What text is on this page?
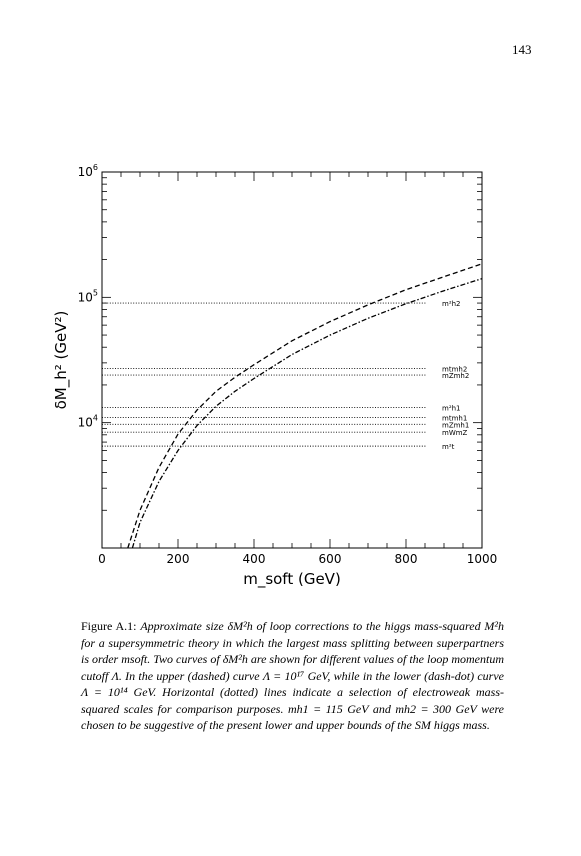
143
0	200	400	600	800	1000
$10^4$
$10^5$
$10^6$
m²h2
mtmh2
mZmh2
m²h1
mtmh1
mZmh1
mWmZ
m²t
m_soft (GeV)
δM_h² (GeV²)
Figure A.1: Approximate size δM²h of loop corrections to the higgs mass-squared M²h for a supersymmetric theory in which the largest mass splitting between superpartners is order msoft. Two curves of δM²h are shown for different values of the loop momentum cutoff Λ. In the upper (dashed) curve Λ = 10¹⁷ GeV, while in the lower (dash-dot) curve Λ = 10¹⁴ GeV. Horizontal (dotted) lines indicate a selection of electroweak mass-squared scales for comparison purposes. mh1 = 115 GeV and mh2 = 300 GeV were chosen to be suggestive of the present lower and upper bounds of the SM higgs mass.
